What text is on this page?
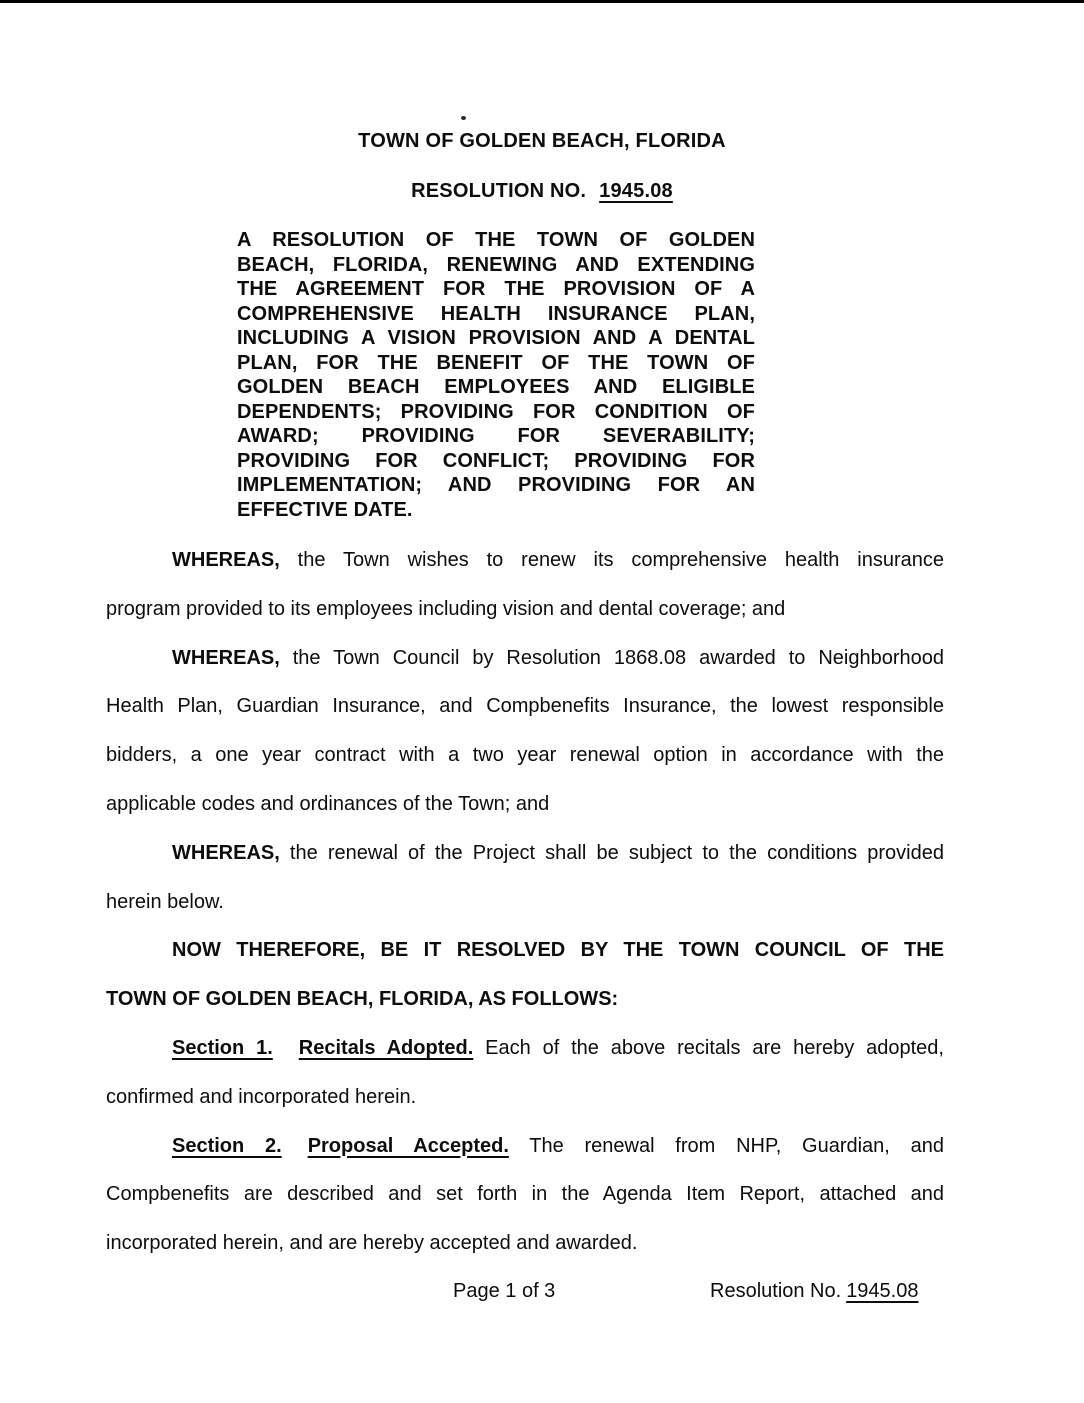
TOWN OF GOLDEN BEACH, FLORIDA
RESOLUTION NO. 1945.08
A RESOLUTION OF THE TOWN OF GOLDEN
BEACH, FLORIDA, RENEWING AND EXTENDING
THE AGREEMENT FOR THE PROVISION OF A
COMPREHENSIVE HEALTH INSURANCE PLAN,
INCLUDING A VISION PROVISION AND A DENTAL
PLAN, FOR THE BENEFIT OF THE TOWN OF
GOLDEN BEACH EMPLOYEES AND ELIGIBLE
DEPENDENTS; PROVIDING FOR CONDITION OF
AWARD; PROVIDING FOR SEVERABILITY;
PROVIDING FOR CONFLICT; PROVIDING FOR
IMPLEMENTATION; AND PROVIDING FOR AN
EFFECTIVE DATE.
WHEREAS, the Town wishes to renew its comprehensive health insurance
program provided to its employees including vision and dental coverage; and
WHEREAS, the Town Council by Resolution 1868.08 awarded to Neighborhood
Health Plan, Guardian Insurance, and Compbenefits Insurance, the lowest responsible
bidders, a one year contract with a two year renewal option in accordance with the
applicable codes and ordinances of the Town; and
WHEREAS, the renewal of the Project shall be subject to the conditions provided
herein below.
NOW THEREFORE, BE IT RESOLVED BY THE TOWN COUNCIL OF THE
TOWN OF GOLDEN BEACH, FLORIDA, AS FOLLOWS:
Section 1. Recitals Adopted. Each of the above recitals are hereby adopted,
confirmed and incorporated herein.
Section 2. Proposal Accepted. The renewal from NHP, Guardian, and
Compbenefits are described and set forth in the Agenda Item Report, attached and
incorporated herein, and are hereby accepted and awarded.
Page 1 of 3	Resolution No. 1945.08
